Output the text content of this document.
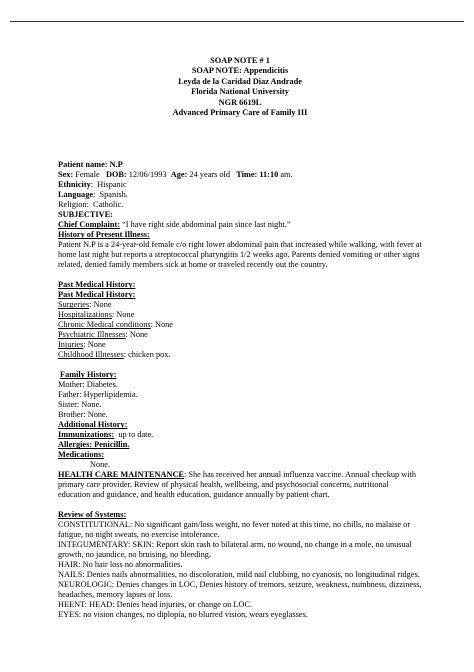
SOAP NOTE # 1
SOAP NOTE: Appendicitis
Leyda de la Caridad Diaz Andrade
Florida National University
NGR 6619L
Advanced Primary Care of Family III
Patient name: N.P
Sex: Female DOB: 12/06/1993 Age: 24 years old Time: 11:10 am.
Ethnicity:  Hispanic
Language:  Spanish.
Religion: Catholic.
SUBJECTIVE:
Chief Complaint: “I have right side abdominal pain since last night.”
History of Present Illness:
Patient N.P is a 24-year-old female c/o right lower abdominal pain that increased while walking, with fever at home last night but reports a streptococcal pharyngitis 1/2 weeks ago. Parents denied vomiting or other signs related, denied family members sick at home or traveled recently out the country.
Past Medical History:
Past Medical History:
Surgeries: None
Hospitalizations: None
Chronic Medical conditions: None
Psychiatric Illnesses: None
Injuries: None
Childhood Illnesses: chicken pox.
Family History:
Mother: Diabetes.
Father: Hyperlipidemia.
Sister: None.
Brother: None.
Additional History:
Immunizations: up to date.
Allergies: Penicillin.
Medications:
None.
HEALTH CARE MAINTENANCE: She has received her annual influenza vaccine. Annual checkup with primary care provider. Review of physical health, wellbeing, and psychosocial concerns, nutritional education and guidance, and health education, guidance annually by patient chart.
Review of Systems:
CONSTITUTIONAL: No significant gain/loss weight, no fever noted at this time, no chills, no malaise or fatigue, no night sweats, no exercise intolerance.
INTEGUMENTARY: SKIN: Report skin rash to bilateral arm, no wound, no change in a mole, no unusual growth, no jaundice, no bruising, no bleeding.
HAIR: No hair loss no abnormalities.
NAILS: Denies nails abnormalities, no discoloration, mild nail clubbing, no cyanosis, no longitudinal ridges.
NEUROLOGIC: Denies changes in LOC, Denies history of tremors, seizure, weakness, numbness, dizziness, headaches, memory lapses or loss.
HEENT: HEAD: Denies head injuries, or change on LOC.
EYES: no vision changes, no diplopia, no blurred vision, wears eyeglasses.
